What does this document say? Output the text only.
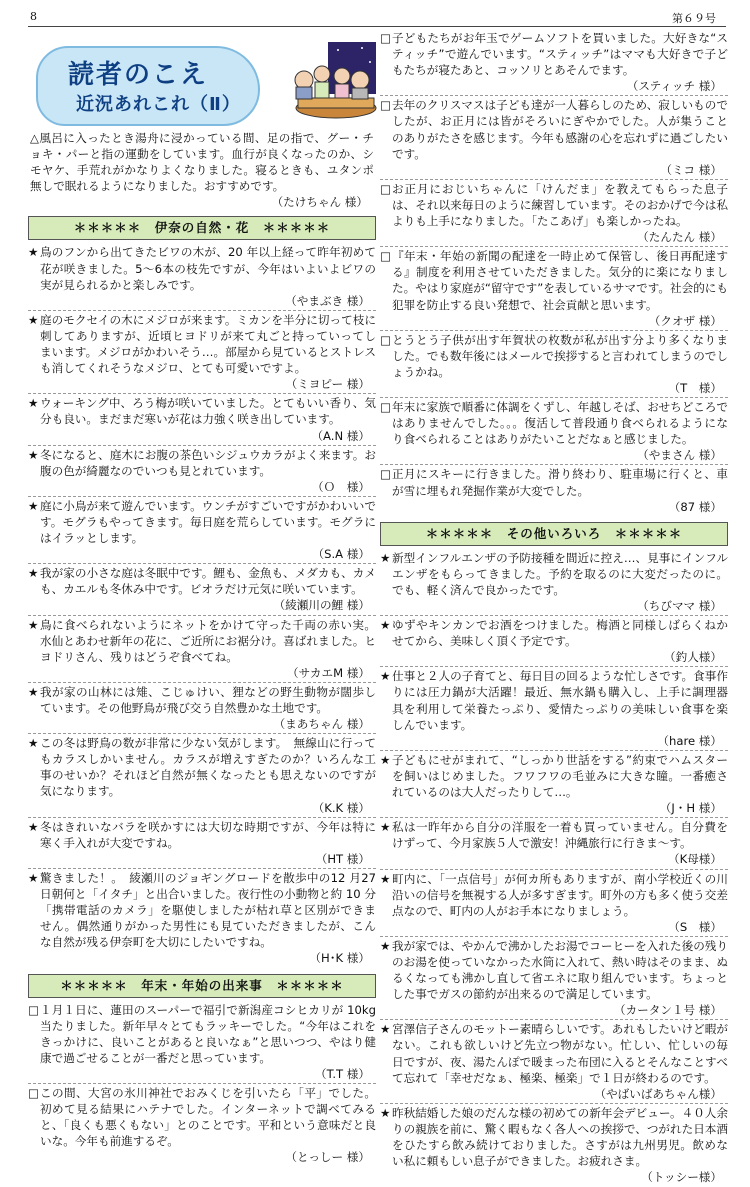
8	第６９号
読者のこえ
近況あれこれ（Ⅱ）
△風呂に入ったとき湯舟に浸かっている間、足の指で、グー・チョキ・パーと指の運動をしています。血行が良くなったのか、シモヤケ、手荒れがかなりよくなりました。寝るときも、ユタンポ無しで眠れるようになりました。おすすめです。
（たけちゃん 様）
＊＊＊＊＊　伊奈の自然・花　＊＊＊＊＊
★ 鳥のフンから出てきたビワの木が、20 年以上経って昨年初めて花が咲きました。5～6本の枝先ですが、今年はいよいよビワの実が見られるかと楽しみです。
（やまぶき 様）
★ 庭のモクセイの木にメジロが来ます。ミカンを半分に切って枝に刺してありますが、近頃ヒヨドリが来て丸ごと持っていってしまいます。メジロがかわいそう…。部屋から見ているとストレスも消してくれそうなメジロ、とても可愛いですよ。
（ミヨピー 様）
★ ウォーキング中、ろう梅が咲いていました。とてもいい香り、気分も良い。まだまだ寒いが花は力強く咲き出しています。
（A.N 様）
★ 冬になると、庭木にお腹の茶色いシジュウカラがよく来ます。お腹の色が綺麗なのでいつも見とれています。
（Ｏ　様）
★ 庭に小鳥が来て遊んでいます。ウンチがすごいですがかわいいです。モグラもやってきます。毎日庭を荒らしています。モグラにはイラッとします。
（S.A 様）
★ 我が家の小さな庭は冬眠中です。鯉も、金魚も、メダカも、カメも、カエルも冬休み中です。ビオラだけ元気に咲いています。
（綾瀬川の鯉 様）
★ 鳥に食べられないようにネットをかけて守った千両の赤い実。水仙とあわせ新年の花に、ご近所にお裾分け。喜ばれました。ヒヨドリさん、残りはどうぞ食べてね。
（サカエM 様）
★ 我が家の山林には雉、こじゅけい、狸などの野生動物が闊歩しています。その他野鳥が飛び交う自然豊かな土地です。
（まあちゃん 様）
★ この冬は野鳥の数が非常に少ない気がします。　無線山に行ってもカラスしかいません。カラスが増えすぎたのか？いろんな工事のせいか？それほど自然が無くなったとも思えないのですが気になります。
（K.K 様）
★ 冬はきれいなバラを咲かすには大切な時期ですが、今年は特に寒く手入れが大変ですね。
（HT 様）
★ 驚きました！。　綾瀬川のジョギングロードを散歩中の12 月27 日朝何と「イタチ」と出合いました。夜行性の小動物と約 10 分「携帯電話のカメラ」を駆使しましたが枯れ草と区別ができません。偶然通りがかった男性にも見ていただきましたが、こんな自然が残る伊奈町を大切にしたいですね。
（H･K 様）
＊＊＊＊＊　年末・年始の出来事　＊＊＊＊＊
□ １月１日に、蓮田のスーパーで福引で新潟産コシヒカリが 10kg 当たりました。新年早々とてもラッキーでした。“今年はこれをきっかけに、良いことがあると良いなぁ”と思いつつ、やはり健康で過ごせることが一番だと思っています。
（T.T 様）
□ この間、大宮の氷川神社でおみくじを引いたら「平」でした。初めて見る結果にハテナでした。インターネットで調べてみると、「良くも悪くもない」とのことです。平和という意味だと良いな。今年も前進するぞ。
（とっしー 様）
□ 子どもたちがお年玉でゲームソフトを買いました。大好きな“スティッチ”で遊んでいます。“スティッチ”はママも大好きで子どもたちが寝たあと、コッソリとあそんでます。
（スティッチ 様）
□ 去年のクリスマスは子ども達が一人暮らしのため、寂しいものでしたが、お正月には皆がそろいにぎやかでした。人が集うことのありがたさを感じます。今年も感謝の心を忘れずに過ごしたいです。
（ミコ 様）
□ お正月におじいちゃんに「けんだま」を教えてもらった息子は、それ以来毎日のように練習しています。そのおかげで今は私よりも上手になりました。「たこあげ」も楽しかったね。
（たんたん 様）
□ 『年末・年始の新聞の配達を一時止めて保管し、後日再配達する』制度を利用させていただきました。気分的に楽になりました。やはり家庭が“留守です”を表しているサマです。社会的にも犯罪を防止する良い発想で、社会貢献と思います。
（クオザ 様）
□ とうとう子供が出す年賀状の枚数が私が出す分より多くなりました。でも数年後にはメールで挨拶すると言われてしまうのでしょうかね。
（T　様）
□ 年末に家族で順番に体調をくずし、年越しそば、おせちどころではありませんでした。。。復活して普段通り食べられるようになり食べられることはありがたいことだなぁと感じました。
（やまさん 様）
□ 正月にスキーに行きました。滑り終わり、駐車場に行くと、車が雪に埋もれ発掘作業が大変でした。
（87 様）
＊＊＊＊＊　その他いろいろ　＊＊＊＊＊
★ 新型インフルエンザの予防接種を間近に控え…、見事にインフルエンザをもらってきました。予約を取るのに大変だったのに。でも、軽く済んで良かったです。
（ちびママ 様）
★ ゆずやキンカンでお酒をつけました。梅酒と同様しばらくねかせてから、美味しく頂く予定です。
（釣人様）
★ 仕事と２人の子育てと、毎日目の回るような忙しさです。食事作りには圧力鍋が大活躍！最近、無水鍋も購入し、上手に調理器具を利用して栄養たっぷり、愛情たっぷりの美味しい食事を楽しんでいます。
（hare 様）
★ 子どもにせがまれて、“しっかり世話をする”約束でハムスターを飼いはじめました。フワフワの毛並みに大きな瞳。一番癒されているのは大人だったりして…。
（J・H 様）
★ 私は一昨年から自分の洋服を一着も買っていません。自分費をけずって、今月家族５人で激安！沖縄旅行に行きま～す。
（K母様）
★ 町内に、「一点信号」が何カ所もありますが、南小学校近くの川沿いの信号を無視する人が多すぎます。町外の方も多く使う交差点なので、町内の人がお手本になりましょう。
（S　様）
★ 我が家では、やかんで沸かしたお湯でコーヒーを入れた後の残りのお湯を使っていなかった水筒に入れて、熱い時はそのまま、ぬるくなっても沸かし直して省エネに取り組んでいます。ちょっとした事でガスの節約が出来るので満足しています。
（カータン１号 様）
★ 宮澤信子さんのモットー素晴らしいです。あれもしたいけど暇がない。これも欲しいけど先立つ物がない。忙しい、忙しいの毎日ですが、夜、湯たんぽで暖まった布団に入るとそんなことすべて忘れて「幸せだなぁ、極楽、極楽」で１日が終わるのです。
（やばいばあちゃん様）
★ 昨秋結婚した娘のだんな様の初めての新年会デビュー。４０人余りの親族を前に、驚く暇もなく各人への挨拶で、つがれた日本酒をひたすら飲み続けておりました。さすがは九州男児。飲めない私に頼もしい息子ができました。お疲れさま。
（トッシー様）
